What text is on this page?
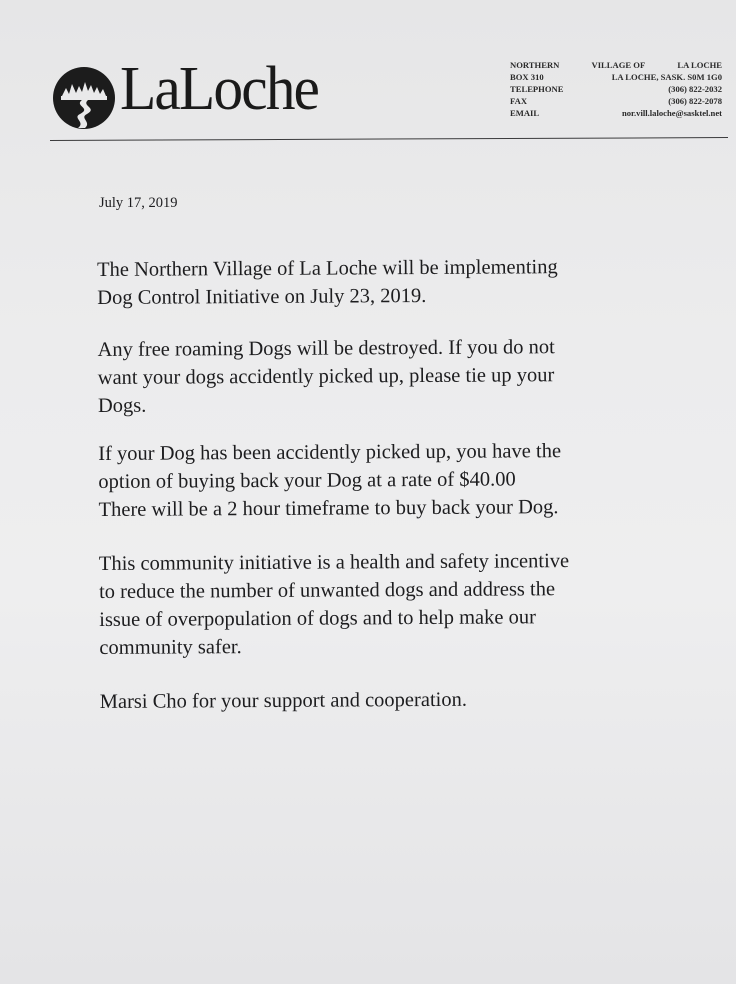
LaLoche	NORTHERN	VILLAGE OF	LA LOCHE
BOX 310	LA LOCHE, SASK. S0M 1G0
TELEPHONE	(306) 822-2032
FAX	(306) 822-2078
EMAIL	nor.vill.laloche@sasktel.net
July 17, 2019

The Northern Village of La Loche will be implementing
Dog Control Initiative on July 23, 2019.

Any free roaming Dogs will be destroyed. If you do not
want your dogs accidently picked up, please tie up your
Dogs.

If your Dog has been accidently picked up, you have the
option of buying back your Dog at a rate of $40.00
There will be a 2 hour timeframe to buy back your Dog.

This community initiative is a health and safety incentive
to reduce the number of unwanted dogs and address the
issue of overpopulation of dogs and to help make our
community safer.

Marsi Cho for your support and cooperation.
